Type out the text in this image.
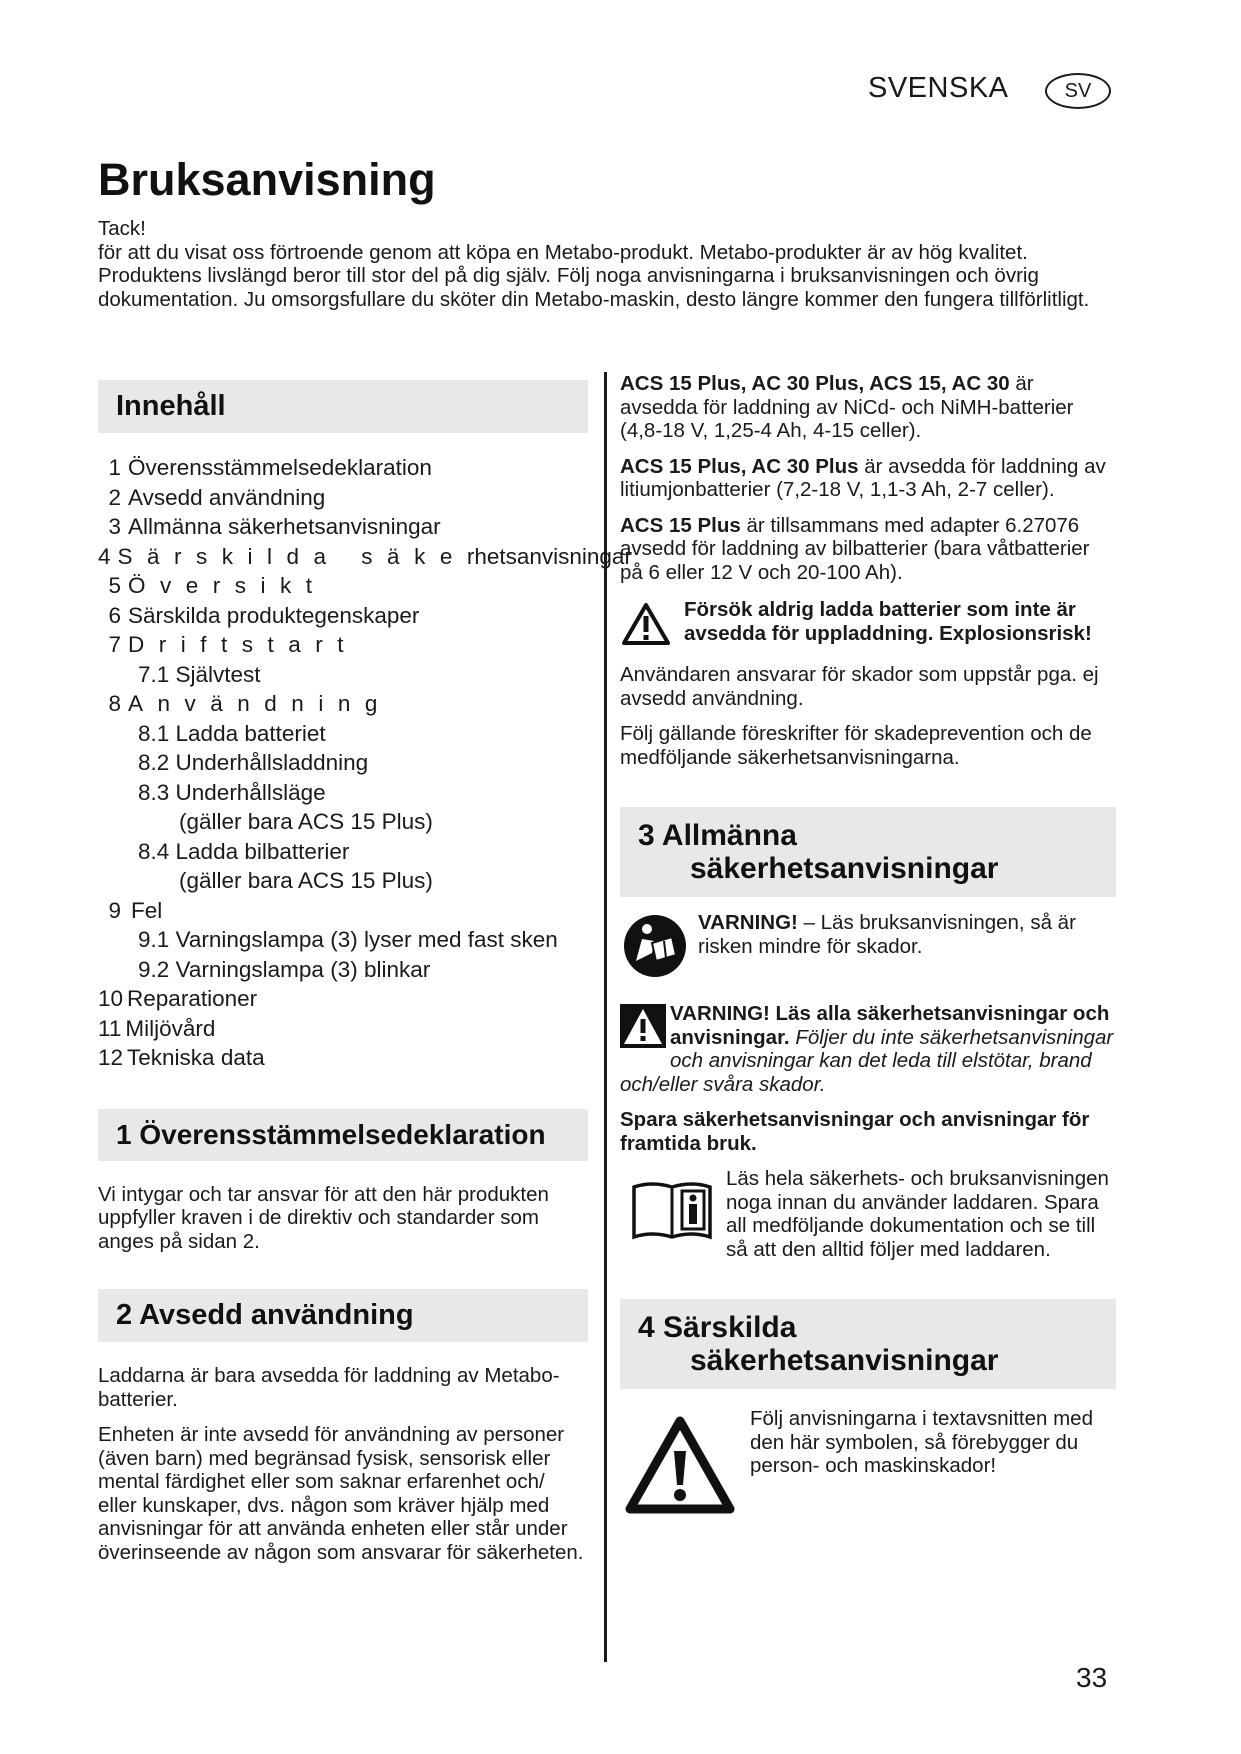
SVENSKA	SV
Bruksanvisning

Tack!

för att du visat oss förtroende genom att köpa en Metabo-produkt. Metabo-produkter är av hög kvalitet. Produktens livslängd beror till stor del på dig själv. Följ noga anvisningarna i bruksanvisningen och övrig dokumentation. Ju omsorgsfullare du sköter din Metabo-maskin, desto längre kommer den fungera tillförlitligt.

Innehåll
1 Överensstämmelsedeklaration
2 Avsedd användning
3 Allmänna säkerhetsanvisningar
4 Särskilda säke rhetsanvisningar
5 Översikt
6 Särskilda produktegenskaper
7 Driftstart
7.1 Självtest
8 Användning
8.1 Ladda batteriet
8.2 Underhållsladdning
8.3 Underhållsläge
(gäller bara ACS 15 Plus)
8.4 Ladda bilbatterier
(gäller bara ACS 15 Plus)
9 Fel
9.1 Varningslampa (3) lyser med fast sken
9.2 Varningslampa (3) blinkar
10 Reparationer
11 Miljövård
12 Tekniska data
1 Överensstämmelsedeklaration

Vi intygar och tar ansvar för att den här produkten uppfyller kraven i de direktiv och standarder som anges på sidan 2.

2 Avsedd användning

Laddarna är bara avsedda för laddning av Metabo-batterier.

Enheten är inte avsedd för användning av personer (även barn) med begränsad fysisk, sensorisk eller mental färdighet eller som saknar erfarenhet och/ eller kunskaper, dvs. någon som kräver hjälp med anvisningar för att använda enheten eller står under överinseende av någon som ansvarar för säkerheten.

ACS 15 Plus, AC 30 Plus, ACS 15, AC 30 är avsedda för laddning av NiCd- och NiMH-batterier (4,8-18 V, 1,25-4 Ah, 4-15 celler).

ACS 15 Plus, AC 30 Plus är avsedda för laddning av litiumjonbatterier (7,2-18 V, 1,1-3 Ah, 2-7 celler).

ACS 15 Plus är tillsammans med adapter 6.27076 avsedd för laddning av bilbatterier (bara våtbatterier på 6 eller 12 V och 20-100 Ah).

Försök aldrig ladda batterier som inte är avsedda för uppladdning. Explosionsrisk!

Användaren ansvarar för skador som uppstår pga. ej avsedd användning.

Följ gällande föreskrifter för skadeprevention och de medföljande säkerhetsanvisningarna.

3 Allmänna
säkerhetsanvisningar

VARNING! – Läs bruksanvisningen, så är risken mindre för skador.

VARNING! Läs alla säkerhetsanvisningar och anvisningar. Följer du inte säkerhetsanvisningar och anvisningar kan det leda till elstötar, brand och/eller svåra skador.

Spara säkerhetsanvisningar och anvisningar för framtida bruk.

Läs hela säkerhets- och bruksanvisningen noga innan du använder laddaren. Spara all medföljande dokumentation och se till så att den alltid följer med laddaren.

4 Särskilda
säkerhetsanvisningar

Följ anvisningarna i textavsnitten med den här symbolen, så förebygger du person- och maskinskador!

33
